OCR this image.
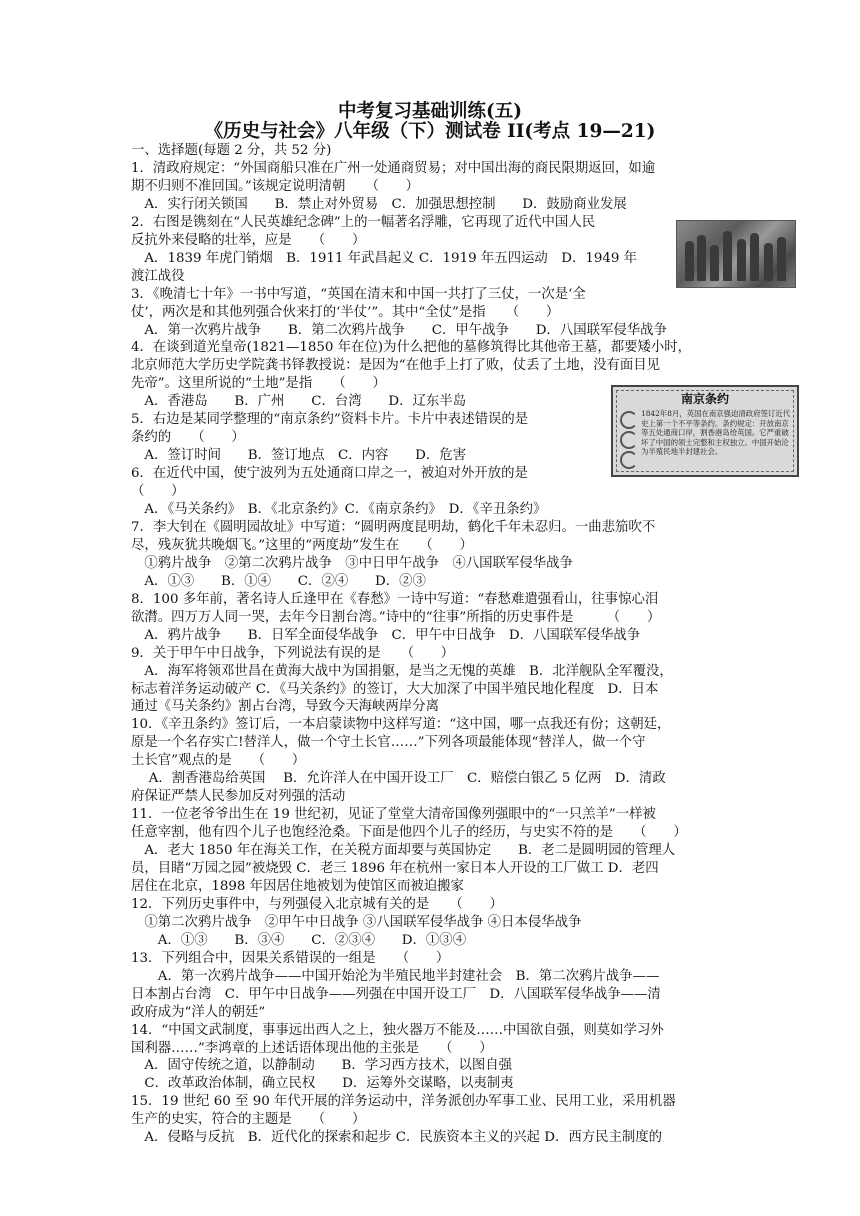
中考复习基础训练(五)
《历史与社会》八年级（下）测试卷 II(考点 19—21)
一、选择题(每题 2 分，共 52 分)
1．清政府规定：“外国商船只准在广州一处通商贸易；对中国出海的商民限期返回，如逾
期不归则不准回国。”该规定说明清朝　　（　　）
　A．实行闭关锁国　　B．禁止对外贸易　C．加强思想控制　　D．鼓励商业发展
2．右图是镌刻在“人民英雄纪念碑”上的一幅著名浮雕，它再现了近代中国人民
反抗外来侵略的壮举，应是　　（　　）
　A．1839 年虎门销烟　B．1911 年武昌起义 C．1919 年五四运动　D．1949 年
渡江战役
3．《晚清七十年》一书中写道，“英国在清末和中国一共打了三仗，一次是‘全
仗’，两次是和其他列强合伙来打的‘半仗’”。其中“全仗”是指　　（　　）
　A．第一次鸦片战争　　B．第二次鸦片战争　　C．甲午战争　　D．八国联军侵华战争
4．在谈到道光皇帝(1821—1850 年在位)为什么把他的墓修筑得比其他帝王墓，都要矮小时，
北京师范大学历史学院龚书铎教授说：是因为“在他手上打了败，仗丢了土地，没有面目见
先帝”。这里所说的“土地”是指　　（　　）
　A．香港岛　　B．广州　　C．台湾　　D．辽东半岛
5．右边是某同学整理的“南京条约”资料卡片。卡片中表述错误的是
条约的　　（　　）
　A．签订时间　　B．签订地点　C．内容　　D．危害
6．在近代中国，使宁波列为五处通商口岸之一，被迫对外开放的是
（　　）
　A．《马关条约》　B．《北京条约》C．《南京条约》　D．《辛丑条约》
7．李大钊在《圆明园故址》中写道：“圆明两度昆明劫，鹤化千年未忍归。一曲悲笳吹不
尽，残灰犹共晚烟飞。”这里的“两度劫”发生在　　（　　）
　①鸦片战争　②第二次鸦片战争　③中日甲午战争　④八国联军侵华战争
　A．①③　　B．①④　　C．②④　　D．②③
8．100 多年前，著名诗人丘逢甲在《春愁》一诗中写道：“春愁难遣强看山，往事惊心泪
欲潸。四万万人同一哭，去年今日割台湾。”诗中的“往事”所指的历史事件是　　　（　　）
　A．鸦片战争　　B．日军全面侵华战争　C．甲午中日战争　D．八国联军侵华战争
9．关于甲午中日战争，下列说法有误的是　　（　　）
　A．海军将领邓世昌在黄海大战中为国捐躯，是当之无愧的英雄　B．北洋舰队全军覆没，
标志着洋务运动破产 C．《马关条约》的签订，大大加深了中国半殖民地化程度　D．日本
通过《马关条约》割占台湾，导致今天海峡两岸分离
10．《辛丑条约》签订后，一本启蒙读物中这样写道：“这中国，哪一点我还有份；这朝廷，
原是一个名存实亡!替洋人，做一个守土长官……”下列各项最能体现“替洋人，做一个守
土长官”观点的是　　（　　）
　 A．割香港岛给英国　 B．允许洋人在中国开设工厂　C．赔偿白银乙 5 亿两　D．清政
府保证严禁人民参加反对列强的活动
11．一位老爷爷出生在 19 世纪初，见证了堂堂大清帝国像列强眼中的“一只羔羊”一样被
任意宰割，他有四个儿子也饱经沧桑。下面是他四个儿子的经历，与史实不符的是　　（　　）
　A．老大 1850 年在海关工作，在关税方面却要与英国协定　　B．老二是圆明园的管理人
员，目睹“万园之园”被烧毁 C．老三 1896 年在杭州一家日本人开设的工厂做工 D．老四
居住在北京，1898 年因居住地被划为使馆区而被迫搬家
12．下列历史事件中，与列强侵入北京城有关的是　　（　　）
　①第二次鸦片战争　②甲午中日战争 ③八国联军侵华战争 ④日本侵华战争
　　A．①③　　B．③④　　C．②③④　　D．①③④
13．下列组合中，因果关系错误的一组是　　（　　）
　　A．第一次鸦片战争——中国开始沦为半殖民地半封建社会　B．第二次鸦片战争——
日本割占台湾　C．甲午中日战争——列强在中国开设工厂　D．八国联军侵华战争——清
政府成为“洋人的朝廷”
14．“中国文武制度，事事远出西人之上，独火器万不能及……中国欲自强，则莫如学习外
国利器……”李鸿章的上述话语体现出他的主张是　　（　　）
　A．固守传统之道，以静制动　　B．学习西方技术，以图自强
　C．改革政治体制，确立民权　　D．运筹外交谋略，以夷制夷
15．19 世纪 60 至 90 年代开展的洋务运动中，洋务派创办军事工业、民用工业，采用机器
生产的史实，符合的主题是　　（　　）
　A．侵略与反抗　B．近代化的探索和起步 C．民族资本主义的兴起 D．西方民主制度的
南京条约
1842年8月，英国在南京强迫清政府签订近代史上第一个不平等条约。条约规定：开放南京等五处通商口岸，割香港岛给英国。它严重破坏了中国的领土完整和主权独立。中国开始沦为半殖民地半封建社会。
